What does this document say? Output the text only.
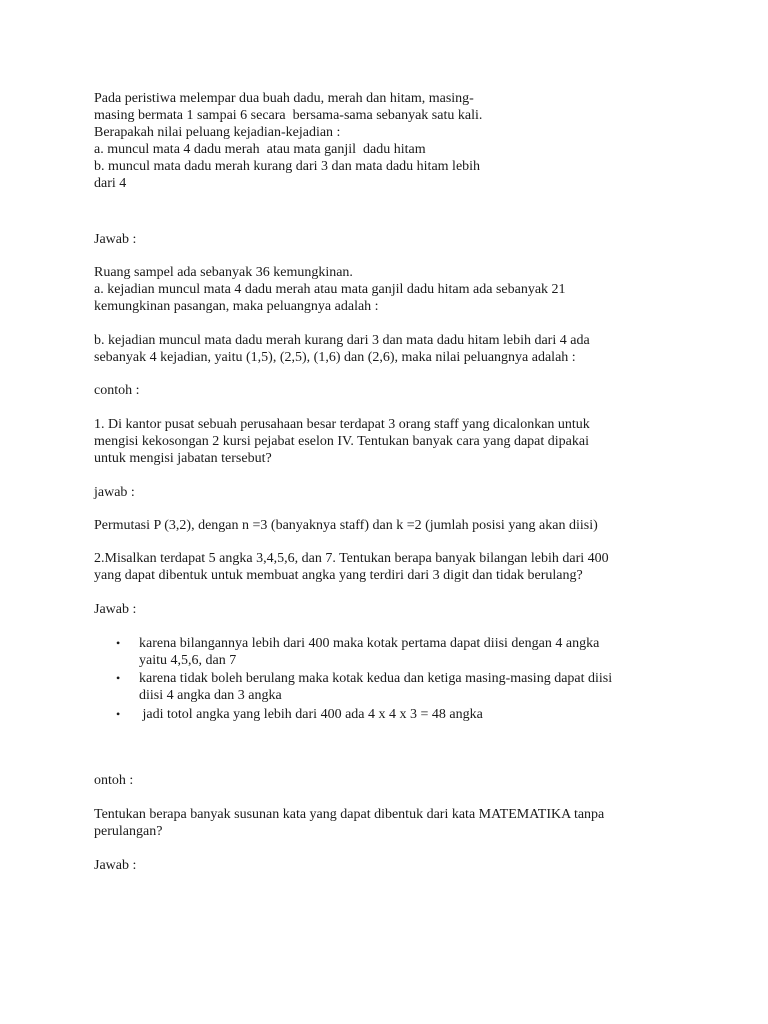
Pada peristiwa melempar dua buah dadu, merah dan hitam, masing-

masing bermata 1 sampai 6 secara  bersama-sama sebanyak satu kali.

Berapakah nilai peluang kejadian-kejadian :

a. muncul mata 4 dadu merah  atau mata ganjil  dadu hitam

b. muncul mata dadu merah kurang dari 3 dan mata dadu hitam lebih

dari 4

Jawab :

Ruang sampel ada sebanyak 36 kemungkinan.

a. kejadian muncul mata 4 dadu merah atau mata ganjil dadu hitam ada sebanyak 21

kemungkinan pasangan, maka peluangnya adalah :

b. kejadian muncul mata dadu merah kurang dari 3 dan mata dadu hitam lebih dari 4 ada

sebanyak 4 kejadian, yaitu (1,5), (2,5), (1,6) dan (2,6), maka nilai peluangnya adalah :

contoh :

1. Di kantor pusat sebuah perusahaan besar terdapat 3 orang staff yang dicalonkan untuk

mengisi kekosongan 2 kursi pejabat eselon IV. Tentukan banyak cara yang dapat dipakai

untuk mengisi jabatan tersebut?

jawab :

Permutasi P (3,2), dengan n =3 (banyaknya staff) dan k =2 (jumlah posisi yang akan diisi)

2.Misalkan terdapat 5 angka 3,4,5,6, dan 7. Tentukan berapa banyak bilangan lebih dari 400

yang dapat dibentuk untuk membuat angka yang terdiri dari 3 digit dan tidak berulang?

Jawab :

• karena bilangannya lebih dari 400 maka kotak pertama dapat diisi dengan 4 angka

yaitu 4,5,6, dan 7

• karena tidak boleh berulang maka kotak kedua dan ketiga masing-masing dapat diisi

diisi 4 angka dan 3 angka

• jadi totol angka yang lebih dari 400 ada 4 x 4 x 3 = 48 angka

ontoh :

Tentukan berapa banyak susunan kata yang dapat dibentuk dari kata MATEMATIKA tanpa

perulangan?

Jawab :
